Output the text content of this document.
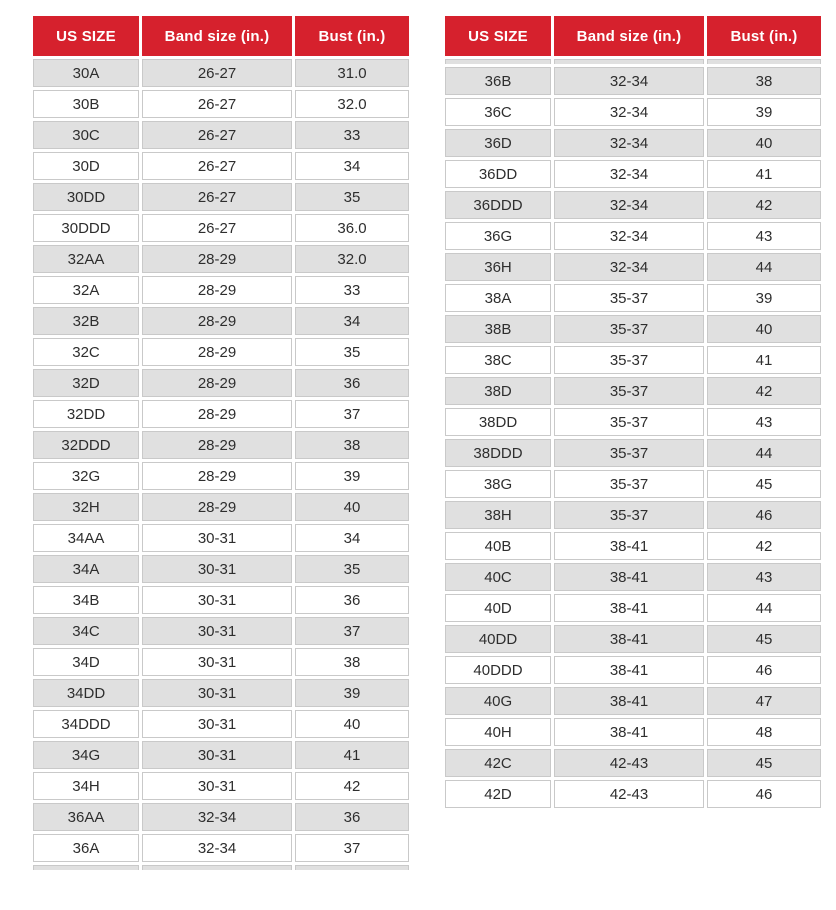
US SIZE	Band size (in.)	Bust (in.)
30A	26-27	31.0
30B	26-27	32.0
30C	26-27	33
30D	26-27	34
30DD	26-27	35
30DDD	26-27	36.0
32AA	28-29	32.0
32A	28-29	33
32B	28-29	34
32C	28-29	35
32D	28-29	36
32DD	28-29	37
32DDD	28-29	38
32G	28-29	39
32H	28-29	40
34AA	30-31	34
34A	30-31	35
34B	30-31	36
34C	30-31	37
34D	30-31	38
34DD	30-31	39
34DDD	30-31	40
34G	30-31	41
34H	30-31	42
36AA	32-34	36
36A	32-34	37

US SIZE	Band size (in.)	Bust (in.)

36B	32-34	38
36C	32-34	39
36D	32-34	40
36DD	32-34	41
36DDD	32-34	42
36G	32-34	43
36H	32-34	44
38A	35-37	39
38B	35-37	40
38C	35-37	41
38D	35-37	42
38DD	35-37	43
38DDD	35-37	44
38G	35-37	45
38H	35-37	46
40B	38-41	42
40C	38-41	43
40D	38-41	44
40DD	38-41	45
40DDD	38-41	46
40G	38-41	47
40H	38-41	48
42C	42-43	45
42D	42-43	46
